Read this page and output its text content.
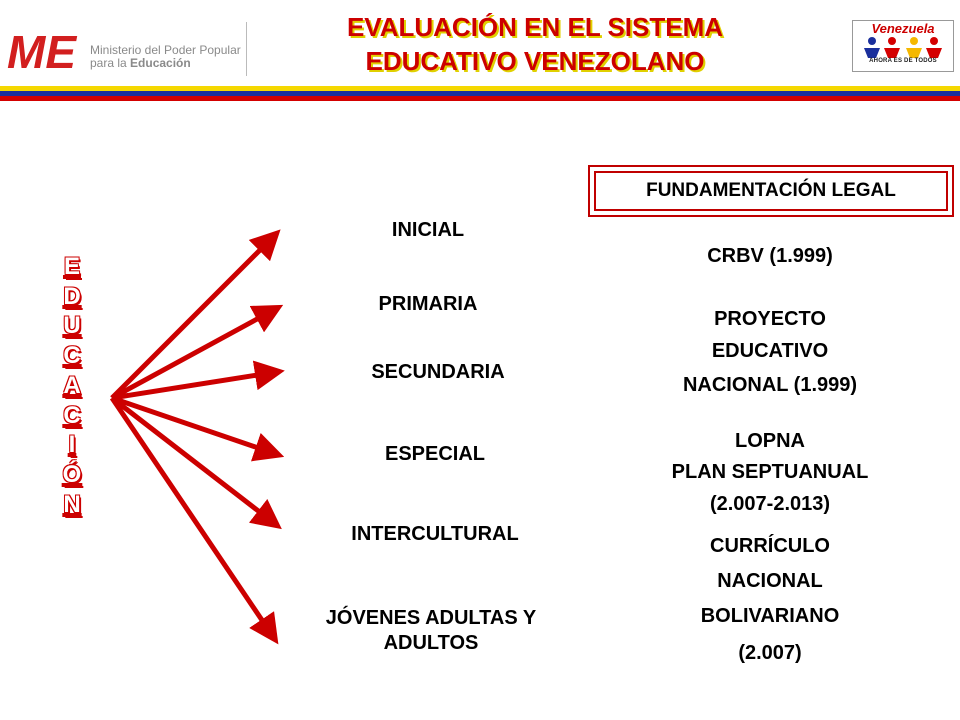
ME Ministerio del Poder Popular
para la Educación
EVALUACIÓN EN EL SISTEMA
EDUCATIVO VENEZOLANO
Venezuela
AHORA ES DE TODOS
E
D
U
C
A
C
I
Ó
N
INICIAL
PRIMARIA
SECUNDARIA
ESPECIAL
INTERCULTURAL
JÓVENES ADULTAS Y ADULTOS
FUNDAMENTACIÓN LEGAL
CRBV (1.999)
PROYECTO
EDUCATIVO
NACIONAL (1.999)
LOPNA
PLAN SEPTUANUAL
(2.007-2.013)
CURRÍCULO
NACIONAL
BOLIVARIANO
(2.007)
